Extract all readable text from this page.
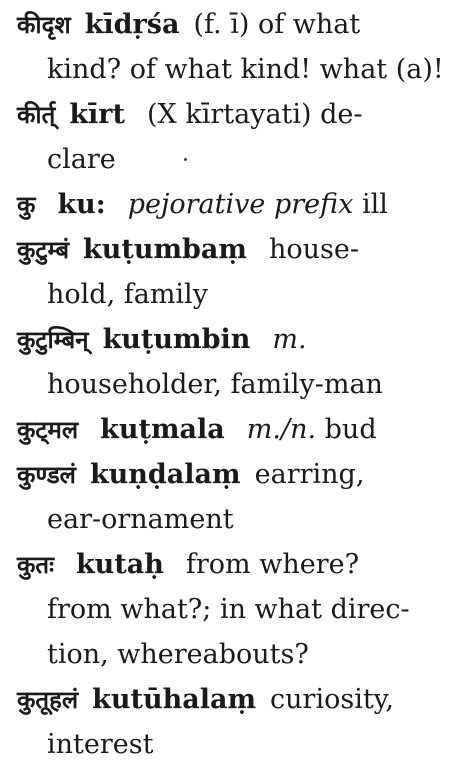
कीदृश kīdṛśa (f. ī) of what
kind? of what kind! what (a)!
कीर्त् kīrt (X kīrtayati) de-
clare
कु ku: pejorative prefix ill
कुटुम्बं kuṭumbaṃ house-
hold, family
कुटुम्बिन् kuṭumbin m.
householder, family-man
कुट्मल kuṭmala m./n. bud
कुण्डलं kuṇḍalaṃ earring,
ear-ornament
कुतः kutaḥ from where?
from what?; in what direc-
tion, whereabouts?
कुतूहलं kutūhalaṃ curiosity,
interest
